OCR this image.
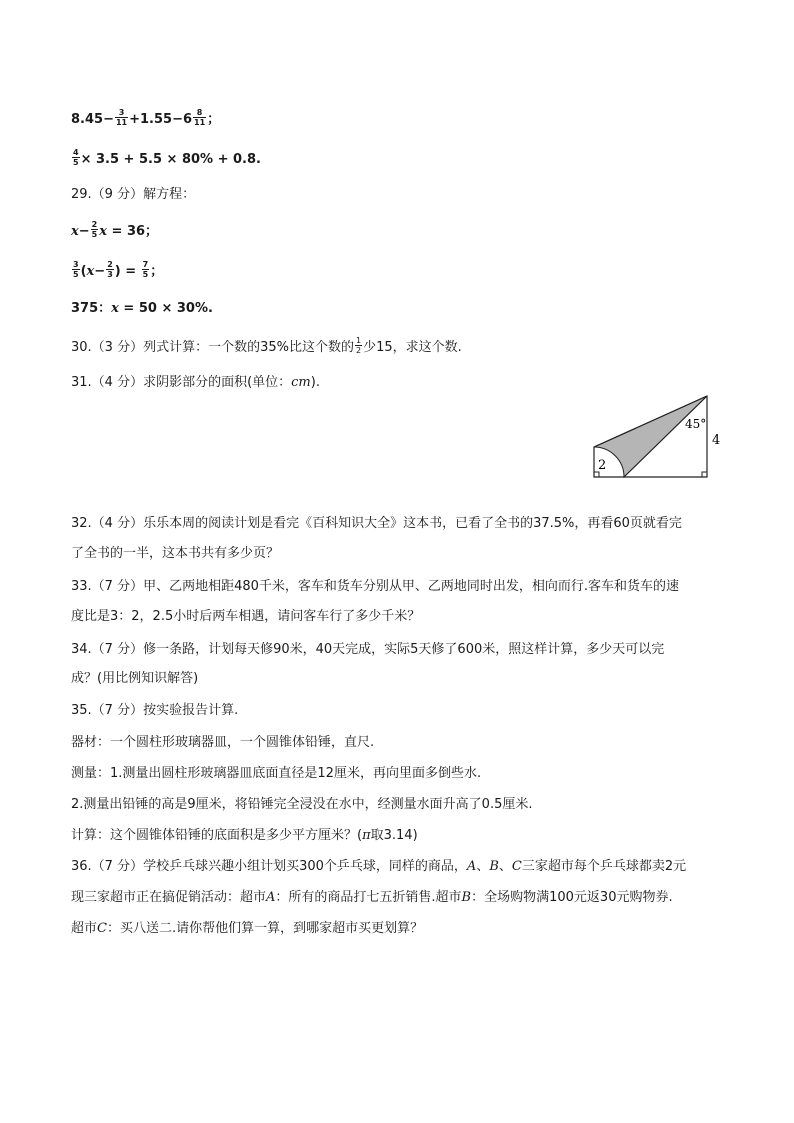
$8.45- \frac{3}{11} +1.55-6 \frac{8}{11}$ ；
$\frac{4}{5} \times 3.5 + 5.5 \times 80\% + 0.8$.
29.（9 分）解方程：
$x- \frac{2}{5}$ x = 36；
$\frac{3}{5} (x- \frac{2}{3}$ ) = $\frac{7}{5}$ ；
375：x = 50 × 30%.
30.（3 分）列式计算：一个数的35%比这个数的 $\frac{1}{2}$ 少15，求这个数.
31.（4 分）求阴影部分的面积(单位：cm).
45°
4
2
32.（4 分）乐乐本周的阅读计划是看完《百科知识大全》这本书，已看了全书的37.5%，再看60页就看完
了全书的一半，这本书共有多少页？
33.（7 分）甲、乙两地相距480千米，客车和货车分别从甲、乙两地同时出发，相向而行.客车和货车的速
度比是3：2，2.5小时后两车相遇，请问客车行了多少千米？
34.（7 分）修一条路，计划每天修90米，40天完成，实际5天修了600米，照这样计算，多少天可以完
成？(用比例知识解答)
35.（7 分）按实验报告计算.
器材：一个圆柱形玻璃器皿，一个圆锥体铅锤，直尺.
测量：1.测量出圆柱形玻璃器皿底面直径是12厘米，再向里面多倒些水.
2.测量出铅锤的高是9厘米，将铅锤完全浸没在水中，经测量水面升高了0.5厘米.
计算：这个圆锥体铅锤的底面积是多少平方厘米？(π取3.14)
36.（7 分）学校乒乓球兴趣小组计划买300个乒乓球，同样的商品，A、B、C三家超市每个乒乓球都卖2元
现三家超市正在搞促销活动：超市A：所有的商品打七五折销售.超市B：全场购物满100元返30元购物券.
超市C：买八送二.请你帮他们算一算，到哪家超市买更划算？
